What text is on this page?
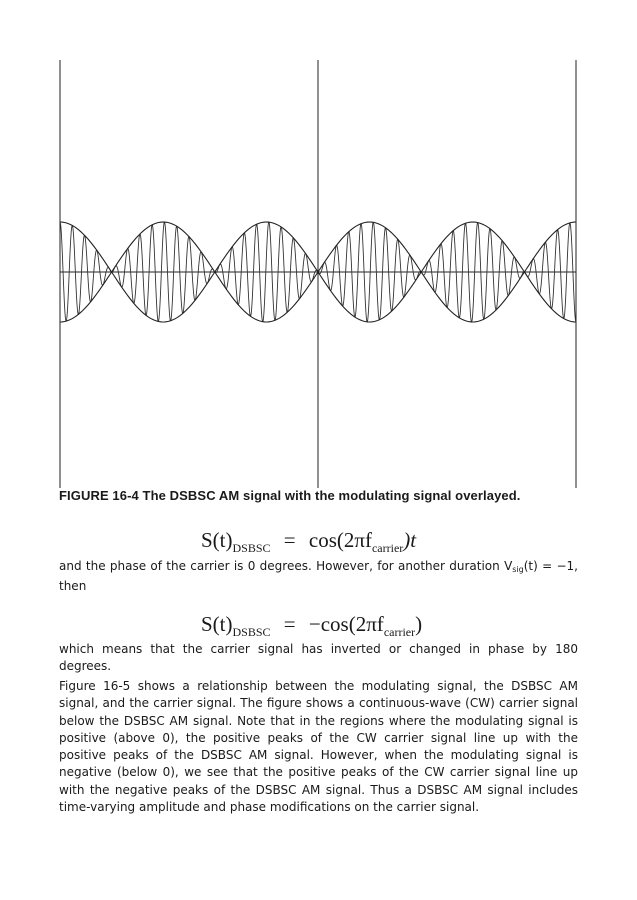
FIGURE 16-4 The DSBSC AM signal with the modulating signal overlayed.
$S(t)_{DSBSC} = \cos(2\pi f_{carrier})t$

and the phase of the carrier is 0 degrees. However, for another duration $V_{sig}(t) = -1$, then

$S(t)_{DSBSC} = -\cos(2\pi f_{carrier})$

which means that the carrier signal has inverted or changed in phase by 180 degrees.

Figure 16-5 shows a relationship between the modulating signal, the DSBSC AM signal, and the carrier signal. The figure shows a continuous-wave (CW) carrier signal below the DSBSC AM signal. Note that in the regions where the modulating signal is positive (above 0), the positive peaks of the CW carrier signal line up with the positive peaks of the DSBSC AM signal. However, when the modulating signal is negative (below 0), we see that the positive peaks of the CW carrier signal line up with the negative peaks of the DSBSC AM signal. Thus a DSBSC AM signal includes time-varying amplitude and phase modifications on the carrier signal.
